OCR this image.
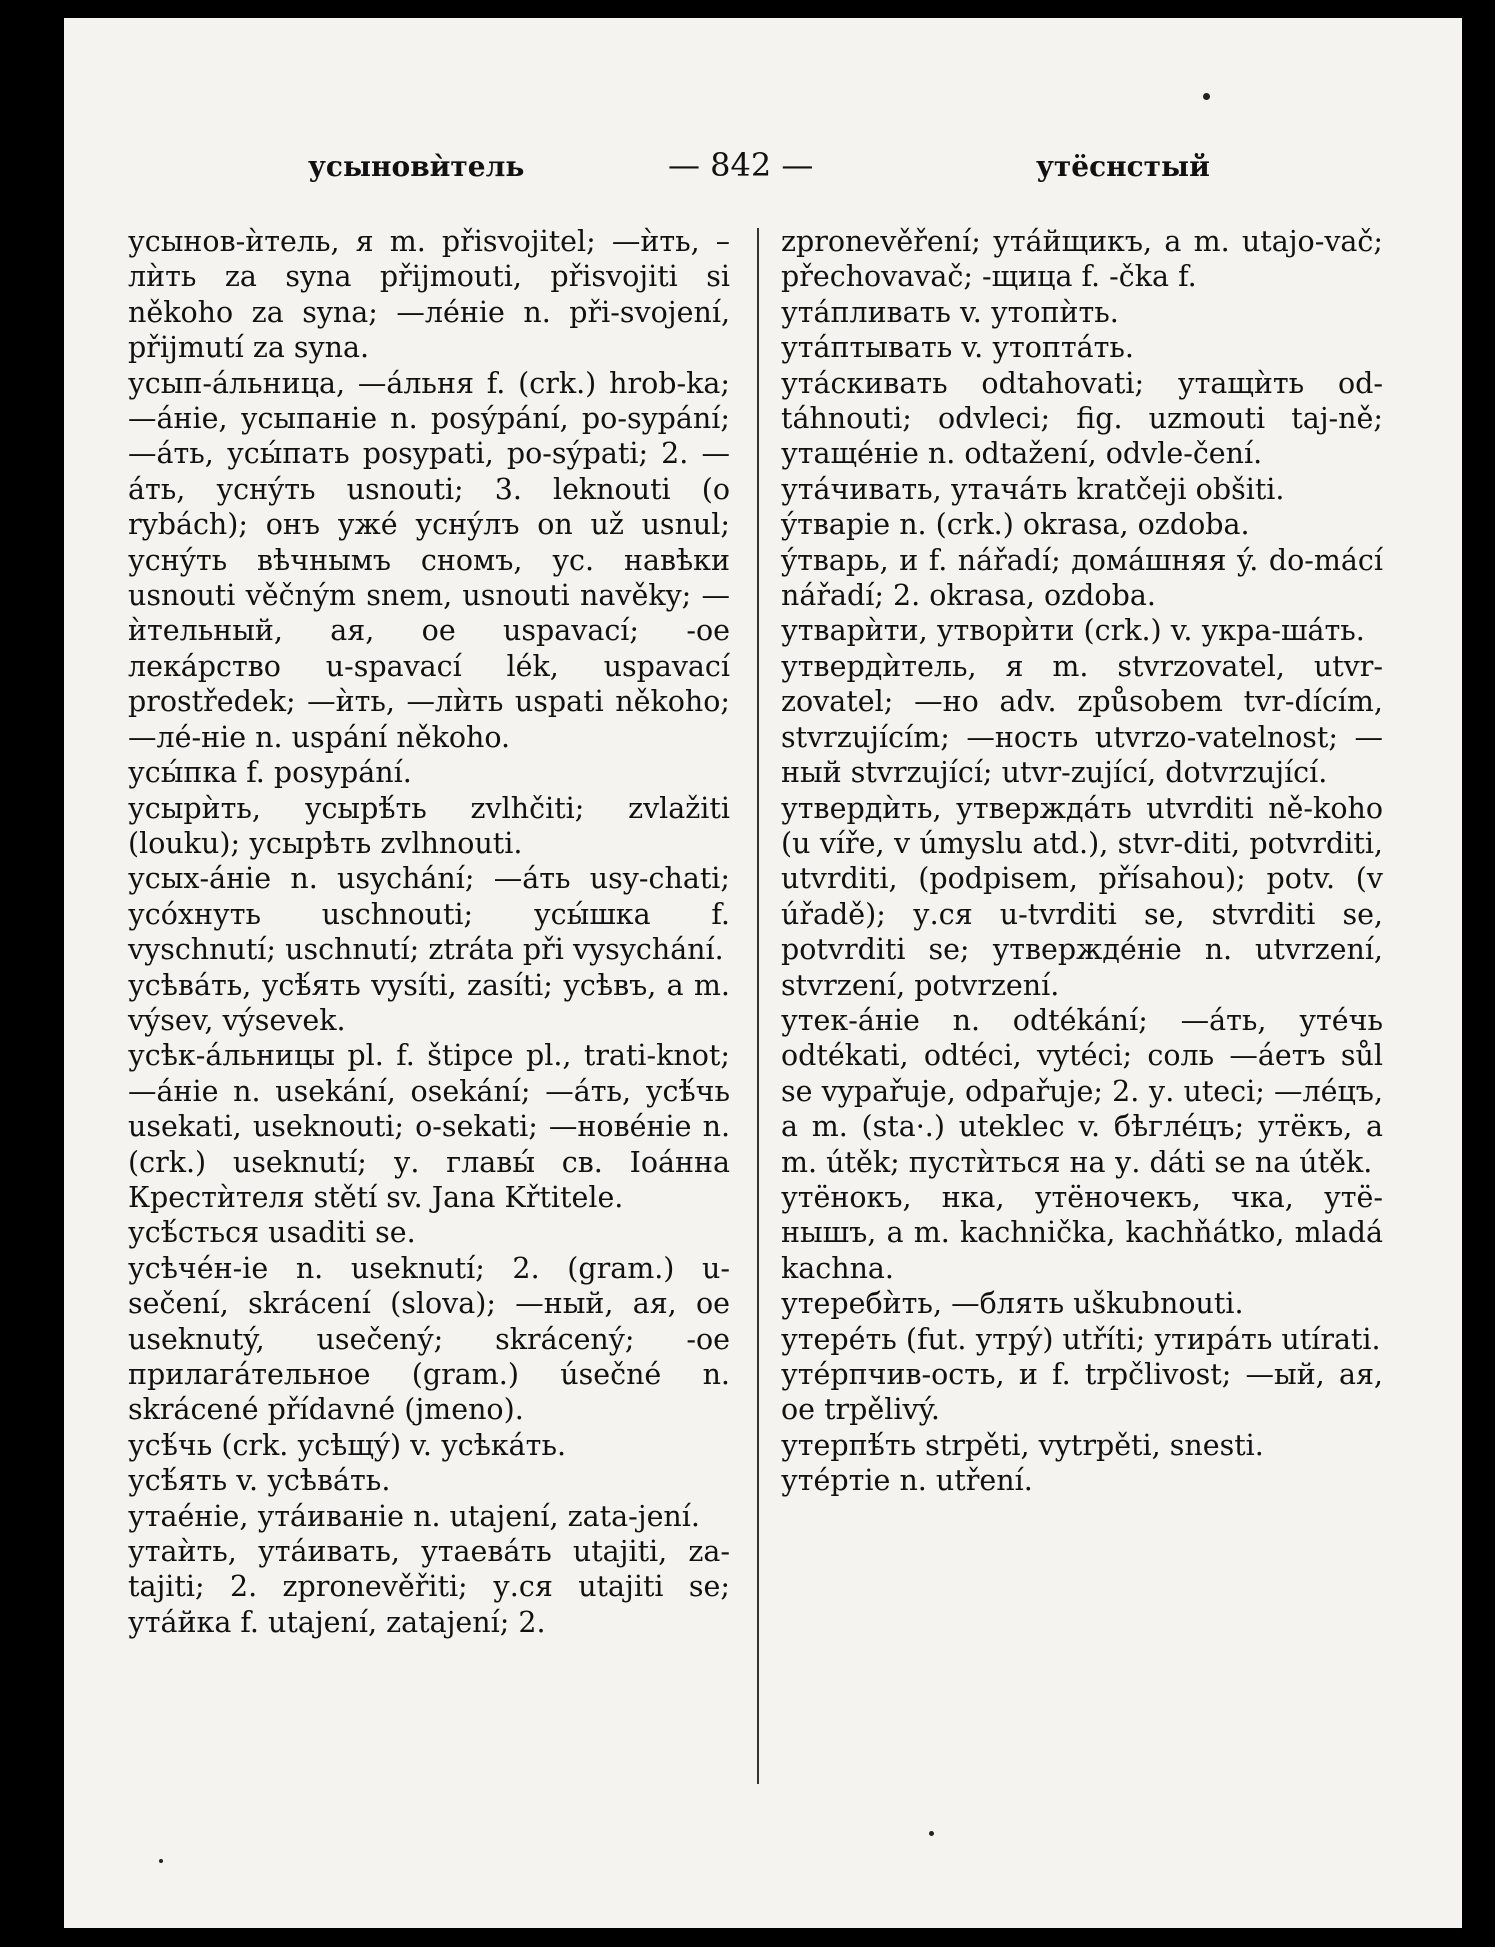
усыновѝтель	— 842 —	утёснстый

усынов-ѝтель, я m. přisvojitel; —ѝть, – лѝть za syna přijmouti, přisvojiti si někoho za syna; —лéніе n. při-svojení, přijmutí za syna.

усып-áльница, —áльня f. (crk.) hrob-ka; —áніе, усыпаніе n. posýpání, po-sypání; —áть, усы́пать posypati, po-sýpati; 2. —áть, уснýть usnouti; 3. leknouti (o rybách); онъ ужé уснýлъ on už usnul; уснýть вѣчнымъ сномъ, ус. навѣки usnouti věčným snem, usnouti navěky; —ѝтельный, ая, ое uspavací; -ое лекáрство u-spavací lék, uspavací prostředek; —ѝть, —лѝть uspati někoho; —лé-ніе n. uspání někoho.

усы́пка f. posypání.

усырѝть, усырѣ́ть zvlhčiti; zvlažiti (louku); усырѣть zvlhnouti.

усых-áніе n. usychání; —áть usy-chati; усóхнуть uschnouti; усы́шка f. vyschnutí; uschnutí; ztráta při vysychání.

усѣвáть, усѣ́ять vysíti, zasíti; усѣвъ, а m. výsev, výsevek.

усѣк-áльницы pl. f. štipce pl., trati-knot; —áніе n. usekání, osekání; —áть, усѣ́чь usekati, useknouti; o-sekati; —новéніе n. (crk.) useknutí; у. главы́ св. Іоáнна Крестѝтеля stětí sv. Jana Křtitele.

усѣ́сться usaditi se.

усѣчéн-іе n. useknutí; 2. (gram.) u-sečení, skrácení (slova); —ный, ая, ое useknutý, usečený; skrácený; -ое прилагáтельное (gram.) úsečné n. skrácené přídavné (jmeno).

усѣ́чь (crk. усѣщý) v. усѣкáть.

усѣ́ять v. усѣвáть.

утаéніе, утáиваніе n. utajení, zata-jení.

утаѝть, утáивать, утаевáть utajiti, za-tajiti; 2. zpronevěřiti; у.ся utajiti se; утáйка f. utajení, zatajení; 2.

zpronevěření; утáйщикъ, а m. utajo-vač; přechovavač; -щица f. -čka f.

утáпливать v. утопѝть.

утáптывать v. утоптáть.

утáскивать odtahovati; утащѝть od-táhnouti; odvleci; fig. uzmouti taj-ně; утащéніе n. odtažení, odvle-čení.

утáчивать, утачáть kratčeji obšiti.

ýтваріе n. (crk.) okrasa, ozdoba.

ýтварь, и f. nářadí; домáшняя ý. do-mácí nářadí; 2. okrasa, ozdoba.

утварѝти, утворѝти (crk.) v. укра-шáть.

утвердѝтель, я m. stvrzovatel, utvr-zovatel; —но adv. způsobem tvr-dícím, stvrzujícím; —ность utvrzo-vatelnost; —ный stvrzující; utvr-zující, dotvrzující.

утвердѝть, утверждáть utvrditi ně-koho (u víře, v úmyslu atd.), stvr-diti, potvrditi, utvrditi, (podpisem, přísahou); potv. (v úřadě); у.ся u-tvrditi se, stvrditi se, potvrditi se; утверждéніе n. utvrzení, stvrzení, potvrzení.

утек-áніе n. odtékání; —áть, утéчь odtékati, odtéci, vytéci; соль —áетъ sůl se vypařuje, odpařuje; 2. у. uteci; —лéцъ, а m. (sta·.) uteklec v. бѣглéцъ; утёкъ, а m. útěk; пустѝться на у. dáti se na útěk.

утёнокъ, нка, утёночекъ, чка, утё-нышъ, а m. kachnička, kachňátko, mladá kachna.

утеребѝть, —блять uškubnouti.

утерéть (fut. утрý) utříti; утирáть utírati.

утéрпчив-ость, и f. trpčlivost; —ый, ая, ое trpělivý.

утерпѣ́ть strpěti, vytrpěti, snesti.

утéртіе n. utření.
